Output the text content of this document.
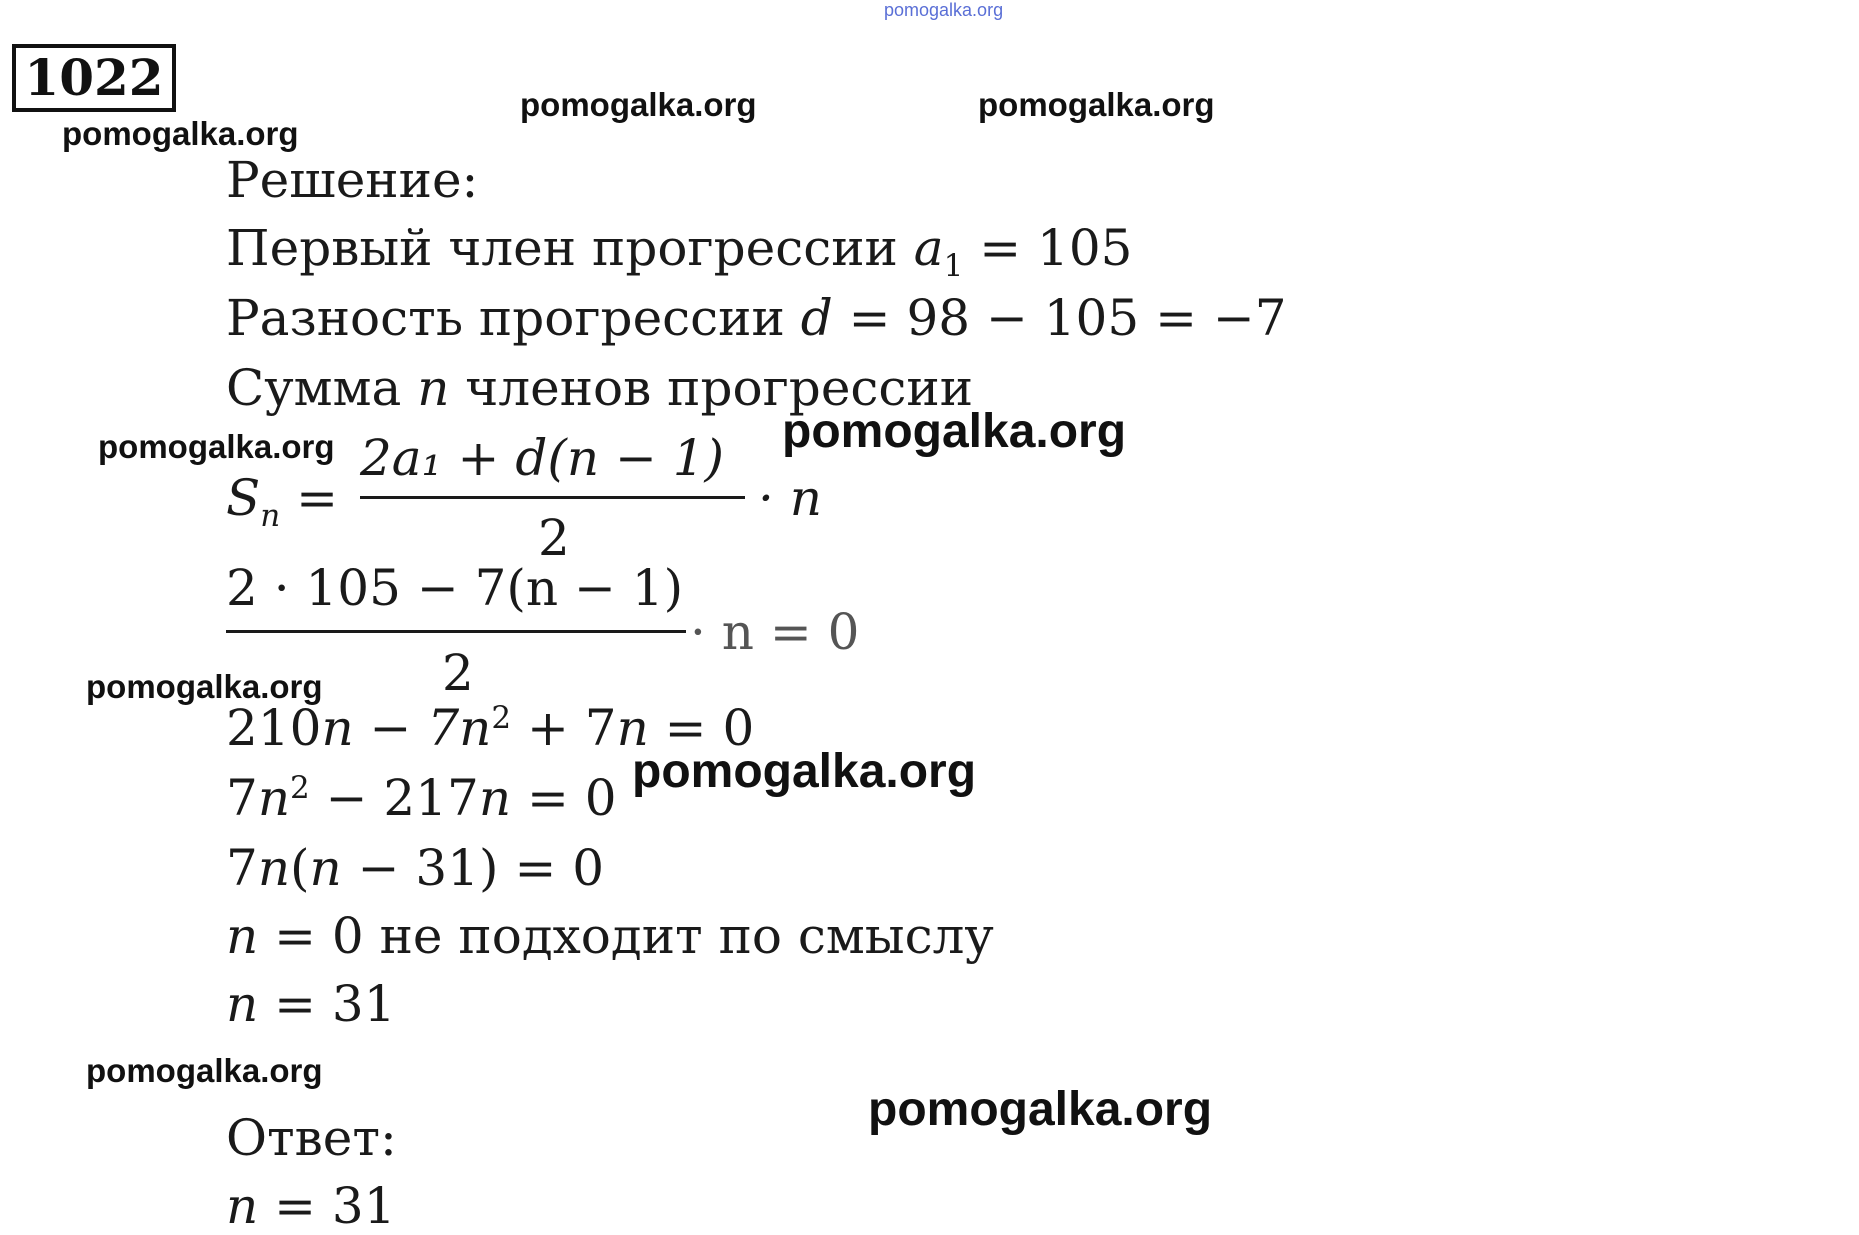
pomogalka.org
1022
pomogalka.org
pomogalka.org	pomogalka.org
pomogalka.org	pomogalka.org
pomogalka.org
pomogalka.org
pomogalka.org
pomogalka.org
Решение:
Первый член прогрессии $a_1 = 105$
Разность прогрессии d = 98 − 105 = −7
Сумма n членов прогрессии
$S_n$ =
2a₁ + d(n − 1)
2
· n
2 · 105 − 7(n − 1)
2
· n = 0
$210n - 7n^2 + 7n = 0$
$7n^2 - 217n = 0$
7n(n − 31) = 0
n = 0 не подходит по смыслу
n = 31
Ответ:
n = 31	pomogalka.org
